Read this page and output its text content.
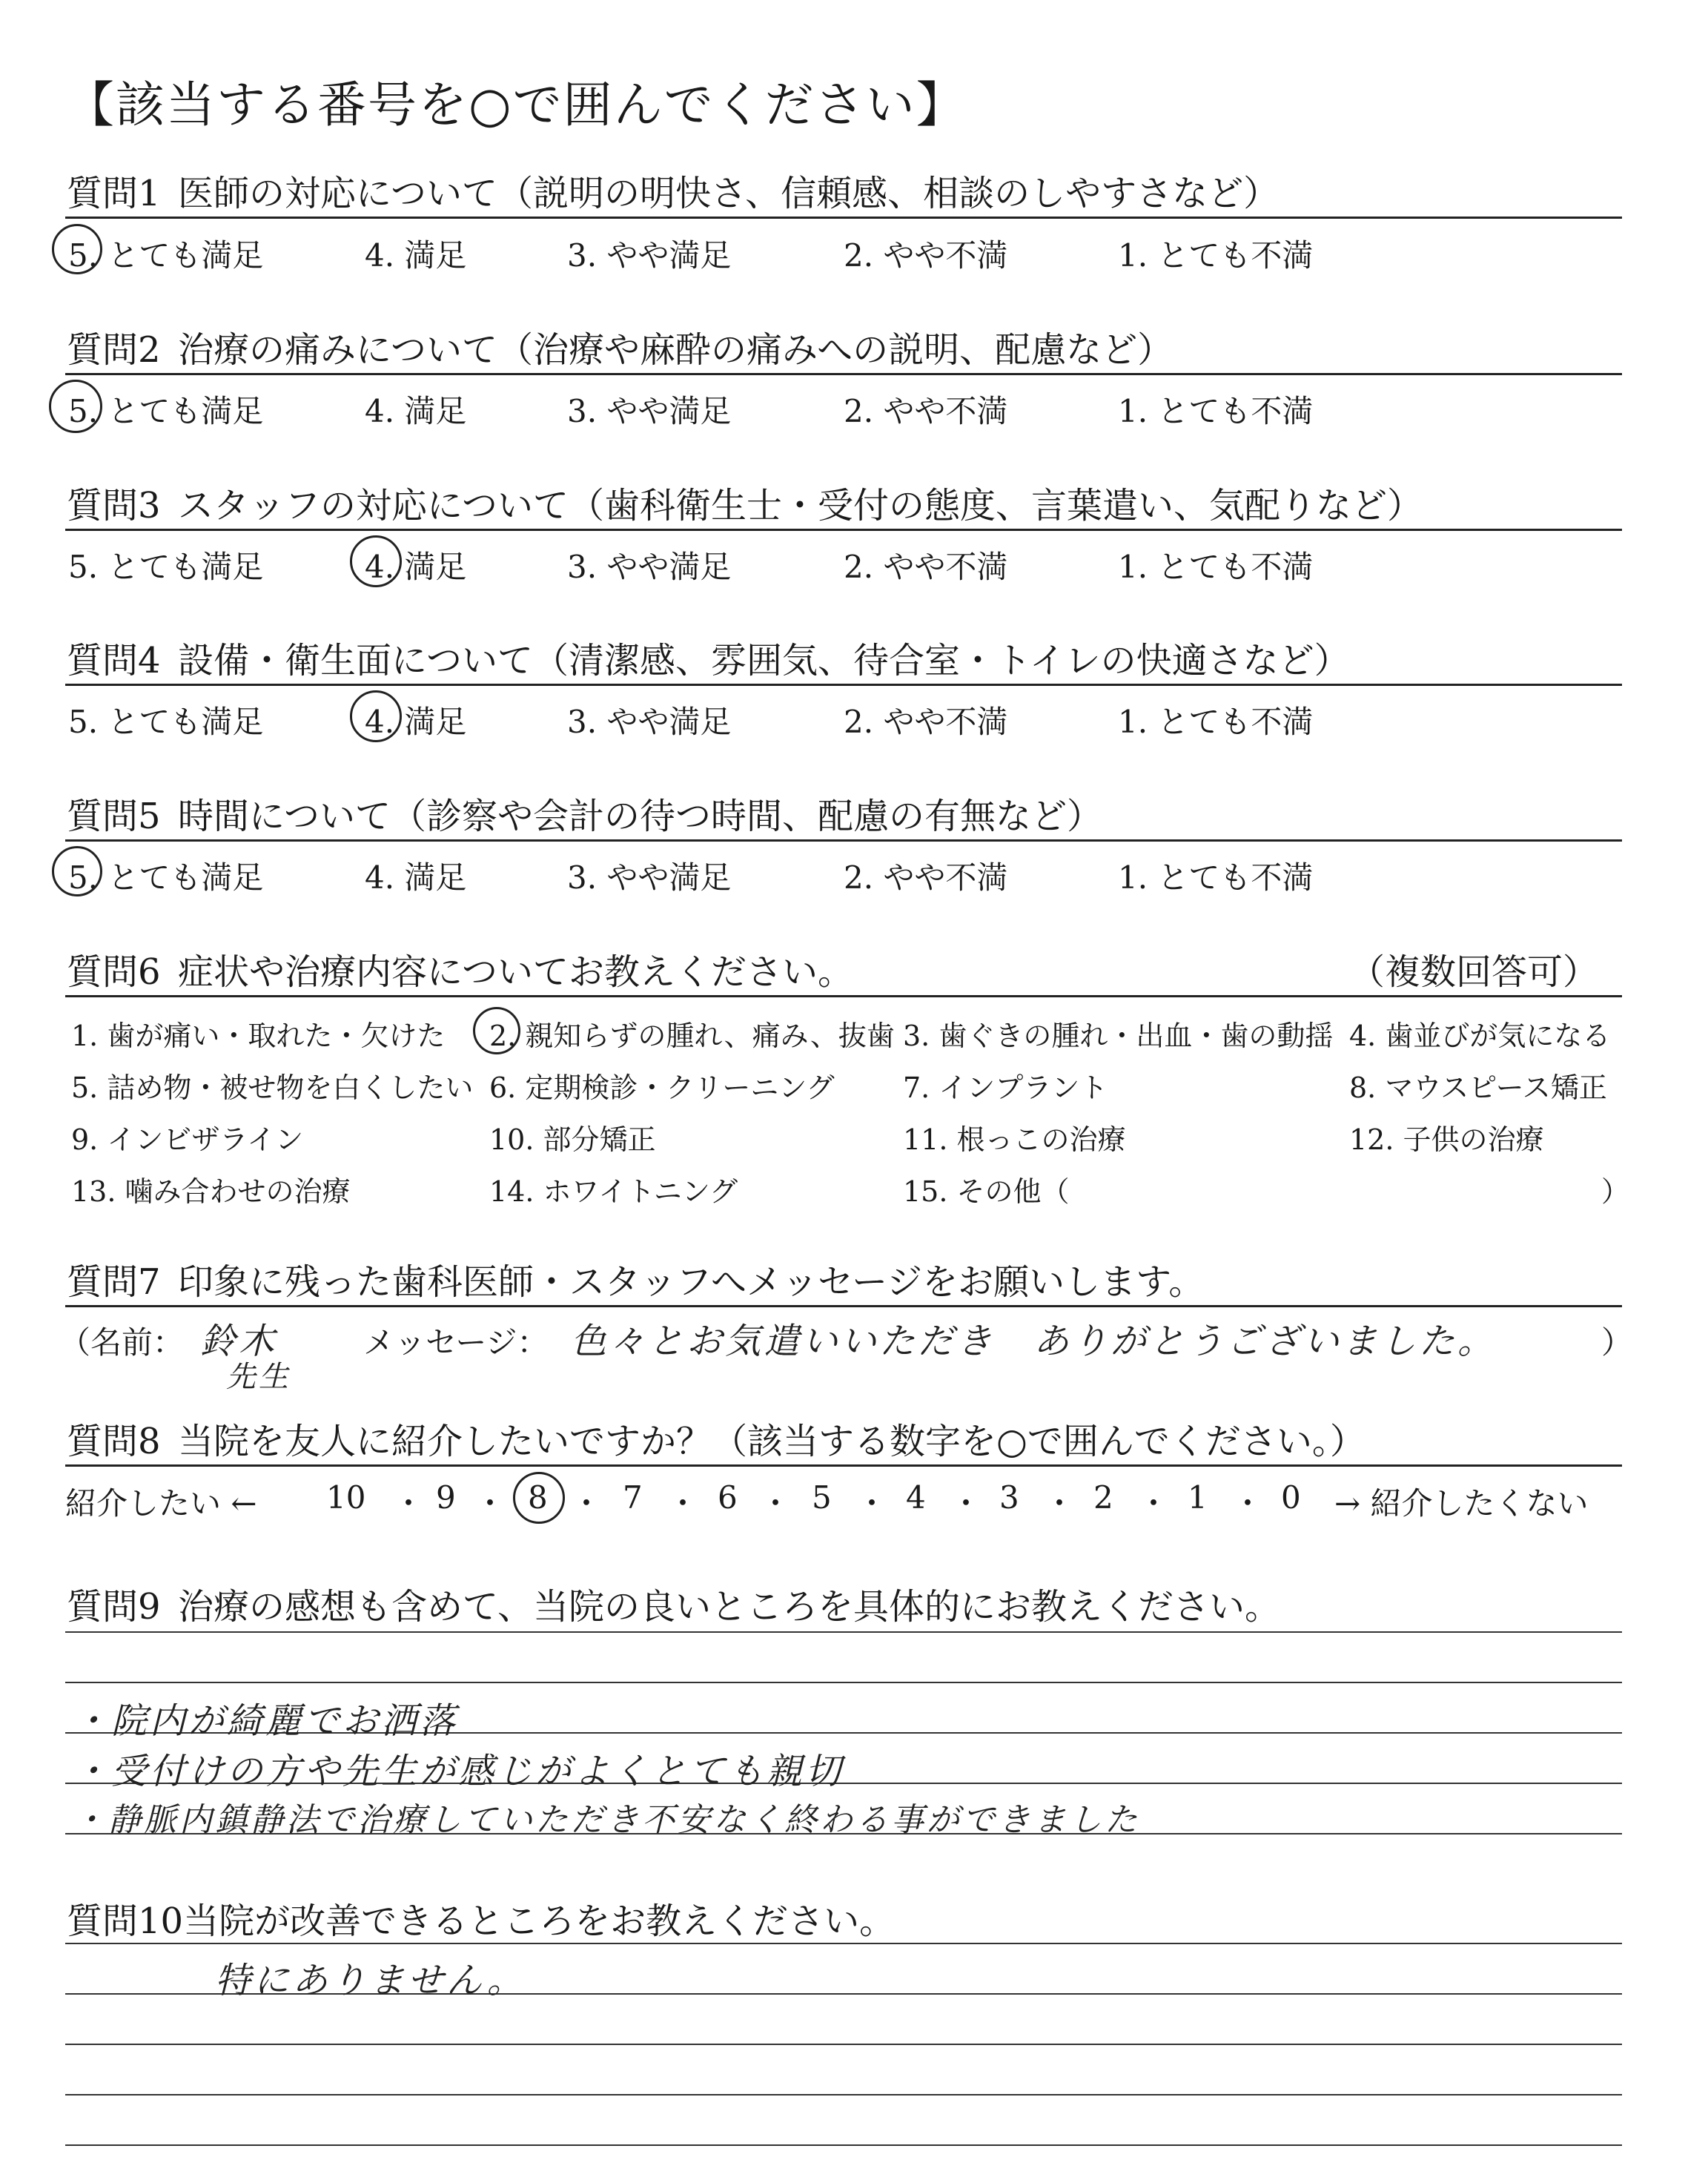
【該当する番号を○で囲んでください】
質問1 医師の対応について（説明の明快さ、信頼感、相談のしやすさなど）
5. とても満足	4. 満足	3. やや満足	2. やや不満	1. とても不満
質問2 治療の痛みについて（治療や麻酔の痛みへの説明、配慮など）
5. とても満足	4. 満足	3. やや満足	2. やや不満	1. とても不満
質問3 スタッフの対応について（歯科衛生士・受付の態度、言葉遣い、気配りなど）
5. とても満足	4. 満足	3. やや満足	2. やや不満	1. とても不満
質問4 設備・衛生面について（清潔感、雰囲気、待合室・トイレの快適さなど）
5. とても満足	4. 満足	3. やや満足	2. やや不満	1. とても不満
質問5 時間について（診察や会計の待つ時間、配慮の有無など）
5. とても満足	4. 満足	3. やや満足	2. やや不満	1. とても不満
質問6 症状や治療内容についてお教えください。	（複数回答可）
1. 歯が痛い・取れた・欠けた 2. 親知らずの腫れ、痛み、抜歯 3. 歯ぐきの腫れ・出血・歯の動揺 4. 歯並びが気になる
5. 詰め物・被せ物を白くしたい 6. 定期検診・クリーニング 7. インプラント	8. マウスピース矯正
9. インビザライン	10. 部分矯正	11. 根っこの治療	12. 子供の治療
13. 噛み合わせの治療	14. ホワイトニング	15. その他（	）
質問7 印象に残った歯科医師・スタッフへメッセージをお願いします。
（名前： 鈴木
先生
メッセージ： 色々とお気遣いいただき　ありがとうございました。	）
質問8 当院を友人に紹介したいですか？（該当する数字を○で囲んでください。）
紹介したい ←	→ 紹介したくない
10 ・ 9 ・ 8 ・ 7 ・ 6 ・ 5 ・ 4 ・ 3 ・ 2 ・ 1 ・ 0
質問9 治療の感想も含めて、当院の良いところを具体的にお教えください。
・院内が綺麗でお洒落
・受付けの方や先生が感じがよくとても親切
・静脈内鎮静法で治療していただき不安なく終わる事ができました
質問10当院が改善できるところをお教えください。
特にありません。
